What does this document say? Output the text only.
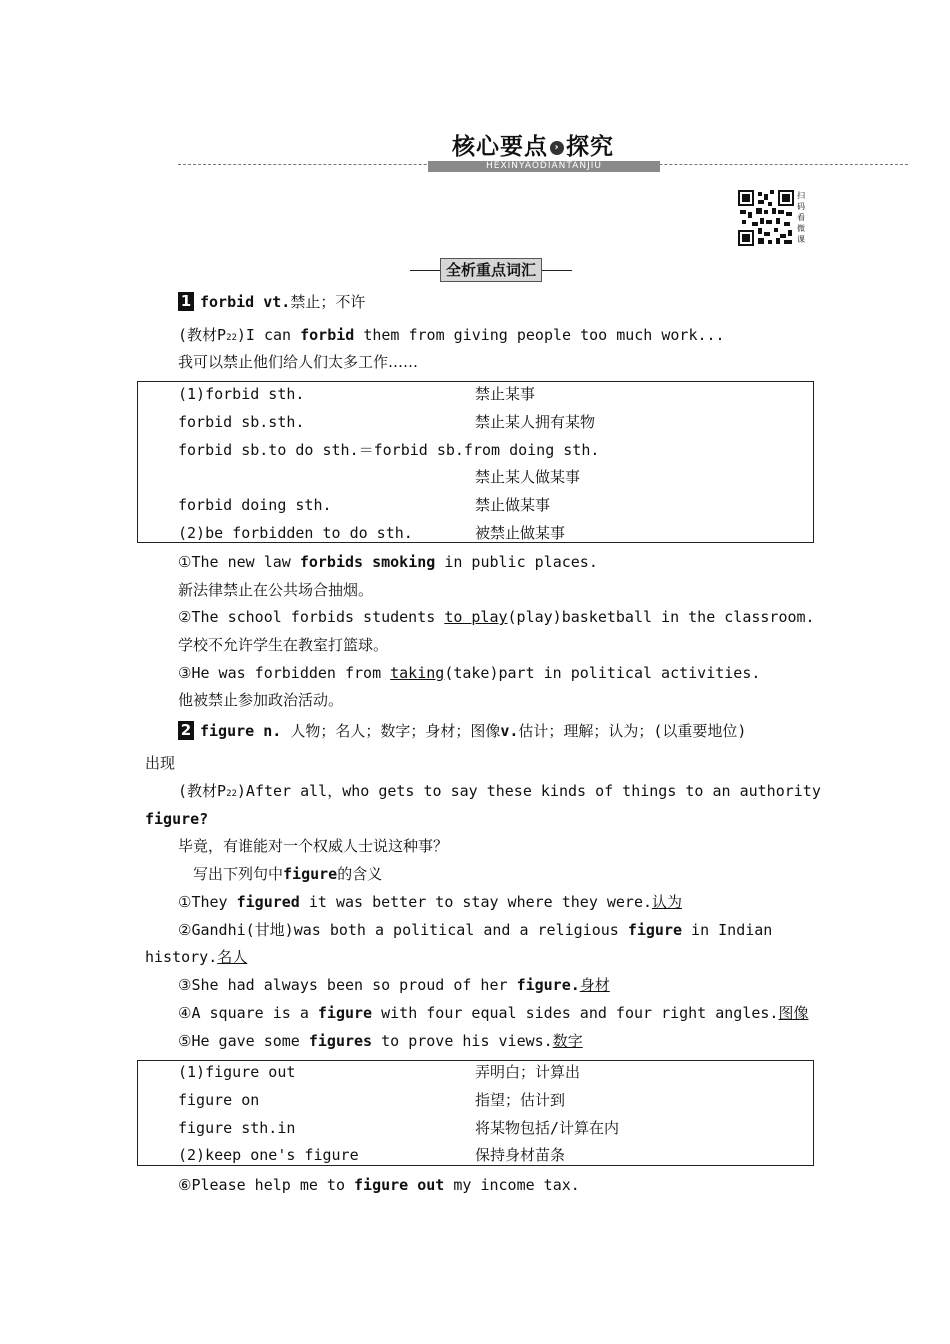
核心要点 › 探究
HEXINYAODIANTANJIU
扫
码
看
微
课
全析重点词汇
1 forbid vt.禁止；不许
(教材P22)I can forbid them from giving people too much work...
我可以禁止他们给人们太多工作……
(1)forbid sth.	禁止某事
forbid sb.sth.	禁止某人拥有某物
forbid sb.to do sth.＝forbid sb.from doing sth.
禁止某人做某事
forbid doing sth.	禁止做某事
(2)be forbidden to do sth.	被禁止做某事
①The new law forbids smoking in public places.
新法律禁止在公共场合抽烟。
②The school forbids students to play(play)basketball in the classroom.
学校不允许学生在教室打篮球。
③He was forbidden from taking(take)part in political activities.
他被禁止参加政治活动。
2 figure n. 人物；名人；数字；身材；图像v.估计；理解；认为；(以重要地位)
出现
(教材P22)After all，who gets to say these kinds of things to an authority
figure?
毕竟，有谁能对一个权威人士说这种事？
写出下列句中figure的含义
①They figured it was better to stay where they were.认为
②Gandhi(甘地)was both a political and a religious figure in Indian
history.名人
③She had always been so proud of her figure.身材
④A square is a figure with four equal sides and four right angles.图像
⑤He gave some figures to prove his views.数字
(1)figure out	弄明白；计算出
figure on	指望；估计到
figure sth.in	将某物包括/计算在内
(2)keep one's figure	保持身材苗条
⑥Please help me to figure out my income tax.
